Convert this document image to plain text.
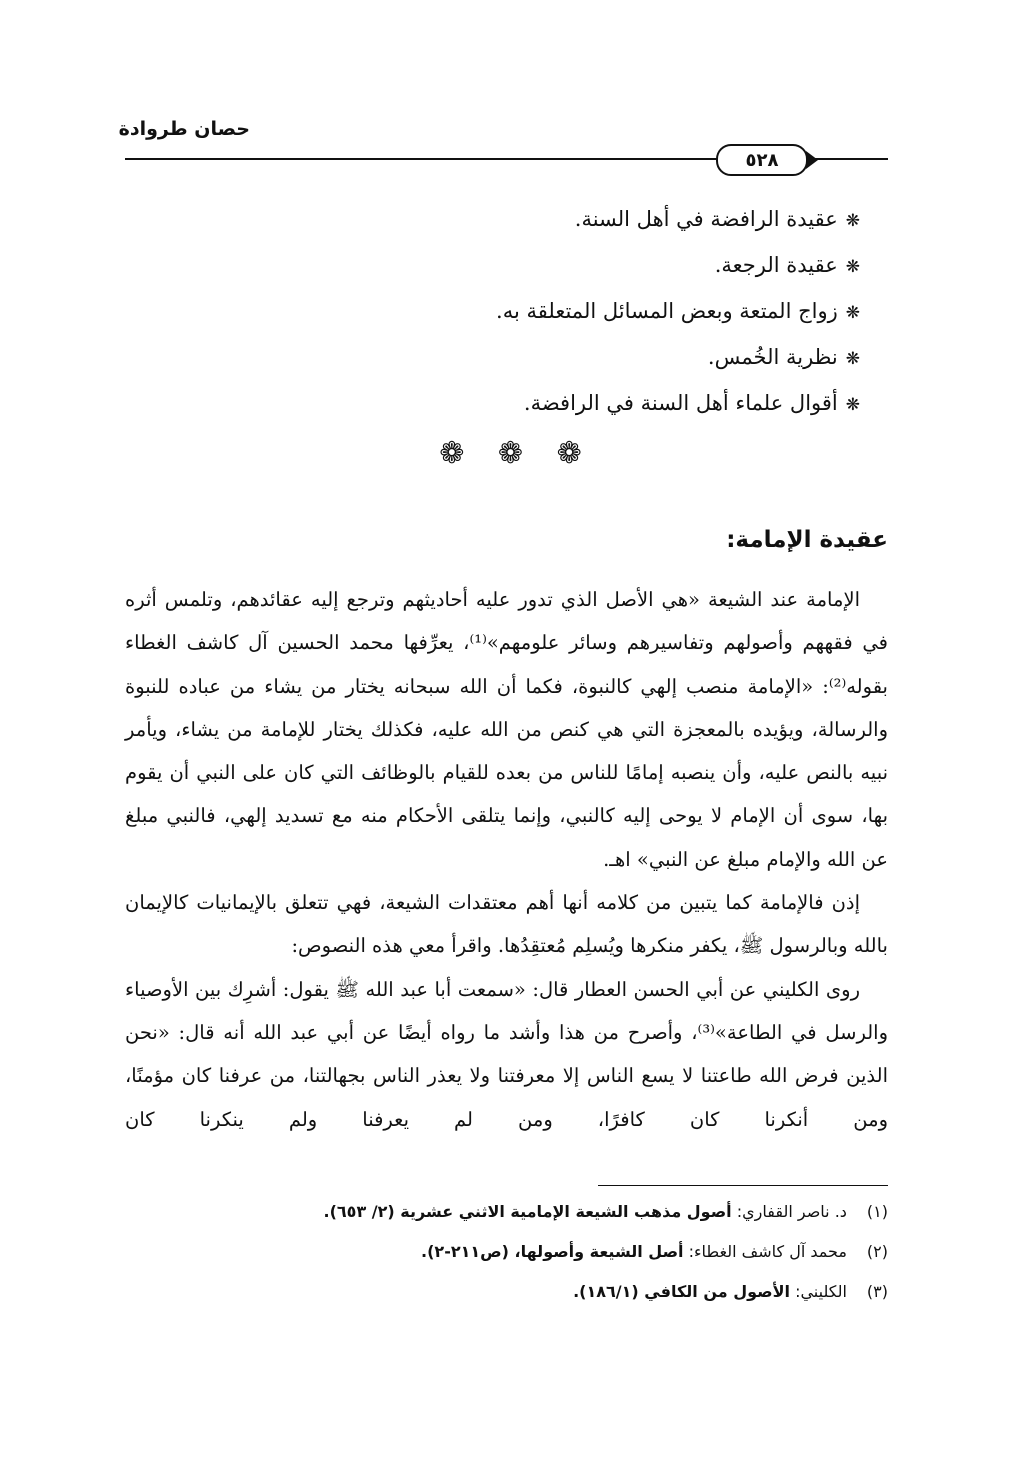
حصان طروادة
٥٢٨
❋عقيدة الرافضة في أهل السنة.
❋عقيدة الرجعة.
❋زواج المتعة وبعض المسائل المتعلقة به.
❋نظرية الخُمس.
❋أقوال علماء أهل السنة في الرافضة.
❁ ❁ ❁
عقيدة الإمامة:

الإمامة عند الشيعة «هي الأصل الذي تدور عليه أحاديثهم وترجع إليه عقائدهم، وتلمس أثره في فقههم وأصولهم وتفاسيرهم وسائر علومهم»⁽¹⁾، يعرِّفها محمد الحسين آل كاشف الغطاء بقوله⁽²⁾: «الإمامة منصب إلهي كالنبوة، فكما أن الله سبحانه يختار من يشاء من عباده للنبوة والرسالة، ويؤيده بالمعجزة التي هي كنص من الله عليه، فكذلك يختار للإمامة من يشاء، ويأمر نبيه بالنص عليه، وأن ينصبه إمامًا للناس من بعده للقيام بالوظائف التي كان على النبي أن يقوم بها، سوى أن الإمام لا يوحى إليه كالنبي، وإنما يتلقى الأحكام منه مع تسديد إلهي، فالنبي مبلغ عن الله والإمام مبلغ عن النبي» اهـ.

إذن فالإمامة كما يتبين من كلامه أنها أهم معتقدات الشيعة، فهي تتعلق بالإيمانيات كالإيمان بالله وبالرسول ﷺ، يكفر منكرها ويُسلِم مُعتقِدُها. واقرأ معي هذه النصوص:

روى الكليني عن أبي الحسن العطار قال: «سمعت أبا عبد الله ﷺ يقول: أشرِك بين الأوصياء والرسل في الطاعة»⁽³⁾، وأصرح من هذا وأشد ما رواه أيضًا عن أبي عبد الله أنه قال: «نحن الذين فرض الله طاعتنا لا يسع الناس إلا معرفتنا ولا يعذر الناس بجهالتنا، من عرفنا كان مؤمنًا، ومن أنكرنا كان كافرًا، ومن لم يعرفنا ولم ينكرنا كان

(١) د. ناصر القفاري: أصول مذهب الشيعة الإمامية الاثني عشرية (٢/ ٦٥٣).
(٢) محمد آل كاشف الغطاء: أصل الشيعة وأصولها، (ص٢١١-٢).
(٣) الكليني: الأصول من الكافي (١٨٦/١).
